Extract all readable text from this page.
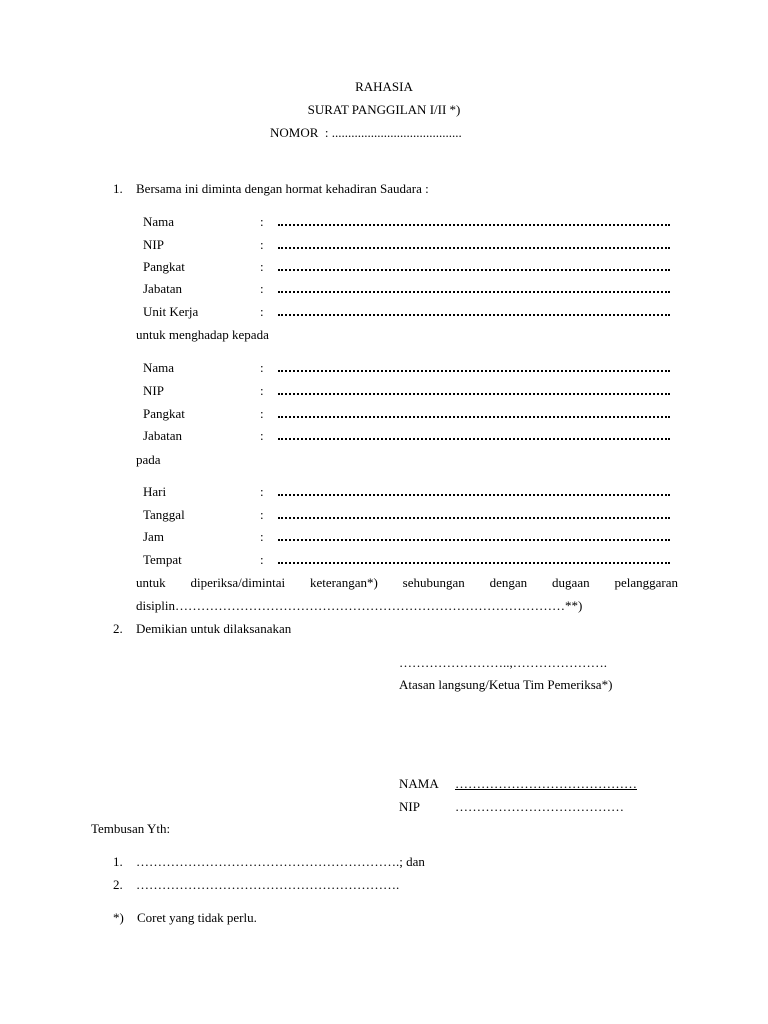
RAHASIA
SURAT PANGGILAN I/II *)
NOMOR : ........................................
1. Bersama ini diminta dengan hormat kehadiran Saudara :
Nama	:
NIP	:
Pangkat	:
Jabatan	:
Unit Kerja	:
untuk menghadap kepada
Nama	:
NIP	:
Pangkat	:
Jabatan	:
pada
Hari	:
Tanggal	:
Jam	:
Tempat	:
untuk diperiksa/dimintai keterangan*) sehubungan dengan dugaan pelanggaran
disiplin………………………………………………………………………………**)
2. Demikian untuk dilaksanakan
……………………..,………………….
Atasan langsung/Ketua Tim Pemeriksa*)
NAMA ……………………………………
NIP	…………………………………
Tembusan Yth:
1. …………………………………………………….; dan
2. …………………………………………………….
*) Coret yang tidak perlu.
